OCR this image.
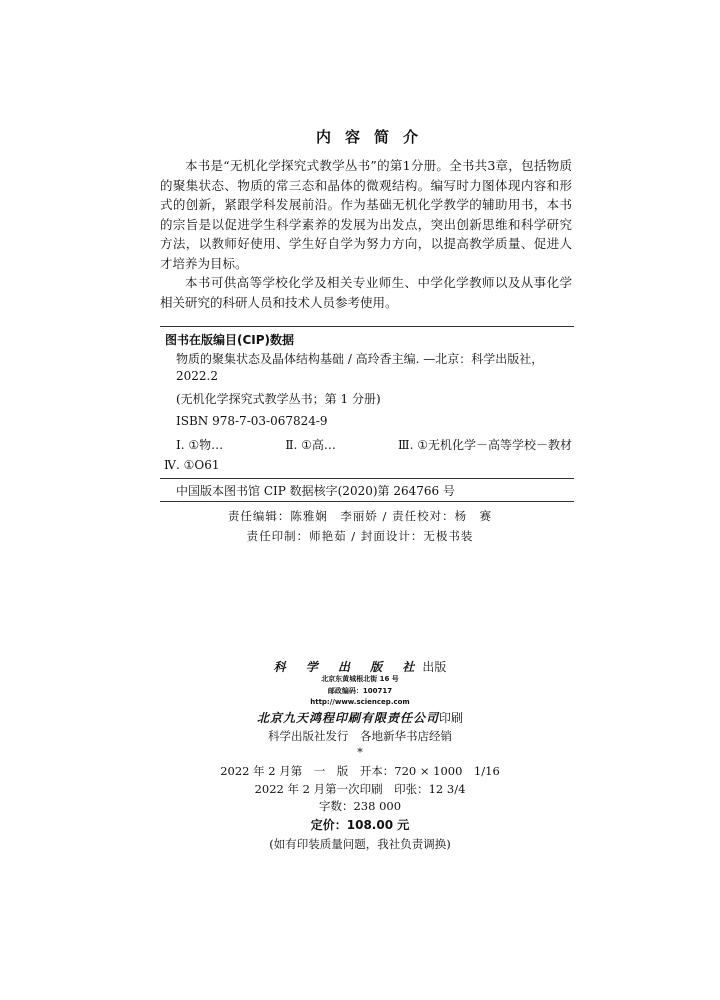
内容简介

本书是“无机化学探究式教学丛书”的第1分册。全书共3章，包括物质的聚集状态、物质的常三态和晶体的微观结构。编写时力图体现内容和形式的创新，紧跟学科发展前沿。作为基础无机化学教学的辅助用书，本书的宗旨是以促进学生科学素养的发展为出发点，突出创新思维和科学研究方法，以教师好使用、学生好自学为努力方向，以提高教学质量、促进人才培养为目标。

本书可供高等学校化学及相关专业师生、中学化学教师以及从事化学相关研究的科研人员和技术人员参考使用。

图书在版编目(CIP)数据
物质的聚集状态及晶体结构基础 / 高玲香主编. —北京：科学出版社，2022.2
(无机化学探究式教学丛书；第 1 分册)
ISBN 978-7-03-067824-9
Ⅰ. ①物…	Ⅱ. ①高…	Ⅲ. ①无机化学－高等学校－教材
Ⅳ. ①O61
中国版本图书馆 CIP 数据核字(2020)第 264766 号
责任编辑：陈雅娴　李丽娇 / 责任校对：杨　赛
责任印制：师艳茹 / 封面设计：无极书装
科 学 出 版 社出版
北京东黄城根北街 16 号
邮政编码：100717
http://www.sciencep.com
北京九天鸿程印刷有限责任公司印刷
科学出版社发行　各地新华书店经销
*
2022 年 2 月第　一　版　开本：720 × 1000　1/16
2022 年 2 月第一次印刷　印张：12 3/4
字数：238 000
定价：108.00 元
(如有印装质量问题，我社负责调换)
